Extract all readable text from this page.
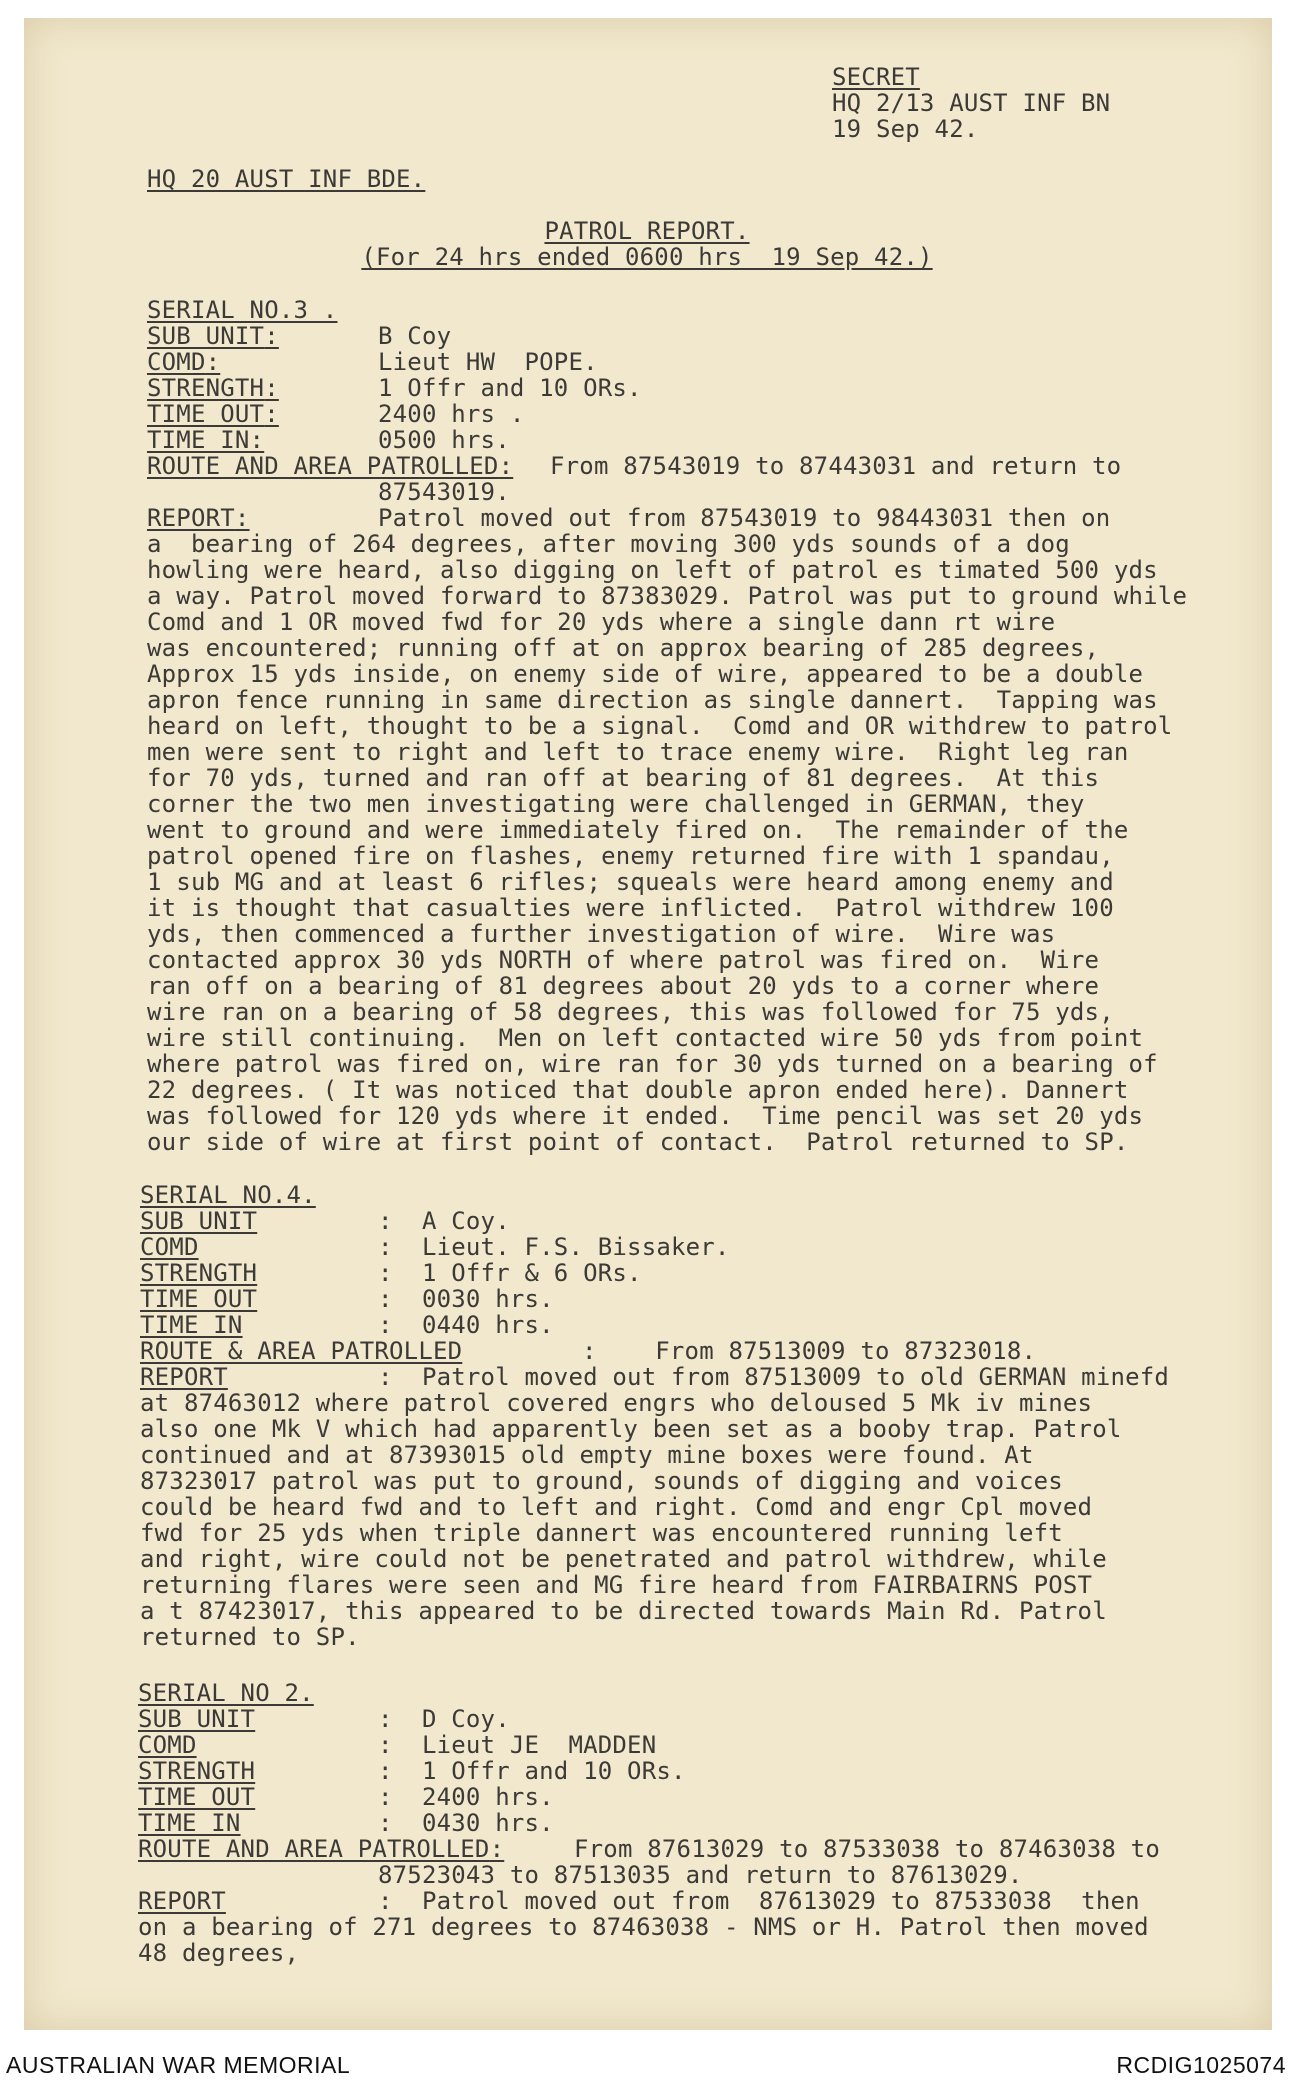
SECRET
HQ 2/13 AUST INF BN
19 Sep 42.
HQ 20 AUST INF BDE.
PATROL REPORT.
(For 24 hrs ended 0600 hrs  19 Sep 42.)
SERIAL NO.3 .
SUB UNIT:	B Coy
COMD:	Lieut HW  POPE.
STRENGTH:	1 Offr and 10 ORs.
TIME OUT:	2400 hrs .
TIME IN:	0500 hrs.
ROUTE AND AREA PATROLLED: From 87543019 to 87443031 and return to
87543019.
REPORT:	Patrol moved out from 87543019 to 98443031 then on
a  bearing of 264 degrees, after moving 300 yds sounds of a dog
howling were heard, also digging on left of patrol es timated 500 yds
a way. Patrol moved forward to 87383029. Patrol was put to ground while
Comd and 1 OR moved fwd for 20 yds where a single dann rt wire
was encountered; running off at on approx bearing of 285 degrees,
Approx 15 yds inside, on enemy side of wire, appeared to be a double
apron fence running in same direction as single dannert.  Tapping was
heard on left, thought to be a signal.  Comd and OR withdrew to patrol
men were sent to right and left to trace enemy wire.  Right leg ran
for 70 yds, turned and ran off at bearing of 81 degrees.  At this
corner the two men investigating were challenged in GERMAN, they
went to ground and were immediately fired on.  The remainder of the
patrol opened fire on flashes, enemy returned fire with 1 spandau,
1 sub MG and at least 6 rifles; squeals were heard among enemy and
it is thought that casualties were inflicted.  Patrol withdrew 100
yds, then commenced a further investigation of wire.  Wire was
contacted approx 30 yds NORTH of where patrol was fired on.  Wire
ran off on a bearing of 81 degrees about 20 yds to a corner where
wire ran on a bearing of 58 degrees, this was followed for 75 yds,
wire still continuing.  Men on left contacted wire 50 yds from point
where patrol was fired on, wire ran for 30 yds turned on a bearing of
22 degrees. ( It was noticed that double apron ended here). Dannert
was followed for 120 yds where it ended.  Time pencil was set 20 yds
our side of wire at first point of contact.  Patrol returned to SP.
SERIAL NO.4.
SUB UNIT	:  A Coy.
COMD	:  Lieut. F.S. Bissaker.
STRENGTH	:  1 Offr & 6 ORs.
TIME OUT	:  0030 hrs.
TIME IN	:  0440 hrs.
ROUTE & AREA PATROLLED	:    From 87513009 to 87323018.
REPORT	:  Patrol moved out from 87513009 to old GERMAN minefd
at 87463012 where patrol covered engrs who deloused 5 Mk iv mines
also one Mk V which had apparently been set as a booby trap. Patrol
continued and at 87393015 old empty mine boxes were found. At
87323017 patrol was put to ground, sounds of digging and voices
could be heard fwd and to left and right. Comd and engr Cpl moved
fwd for 25 yds when triple dannert was encountered running left
and right, wire could not be penetrated and patrol withdrew, while
returning flares were seen and MG fire heard from FAIRBAIRNS POST
a t 87423017, this appeared to be directed towards Main Rd. Patrol
returned to SP.
SERIAL NO 2.
SUB UNIT	:  D Coy.
COMD	:  Lieut JE  MADDEN
STRENGTH	:  1 Offr and 10 ORs.
TIME OUT	:  2400 hrs.
TIME IN	:  0430 hrs.
ROUTE AND AREA PATROLLED:	From 87613029 to 87533038 to 87463038 to
87523043 to 87513035 and return to 87613029.
REPORT	:  Patrol moved out from  87613029 to 87533038  then
on a bearing of 271 degrees to 87463038 - NMS or H. Patrol then moved
48 degrees,
AUSTRALIAN WAR MEMORIAL	RCDIG1025074
